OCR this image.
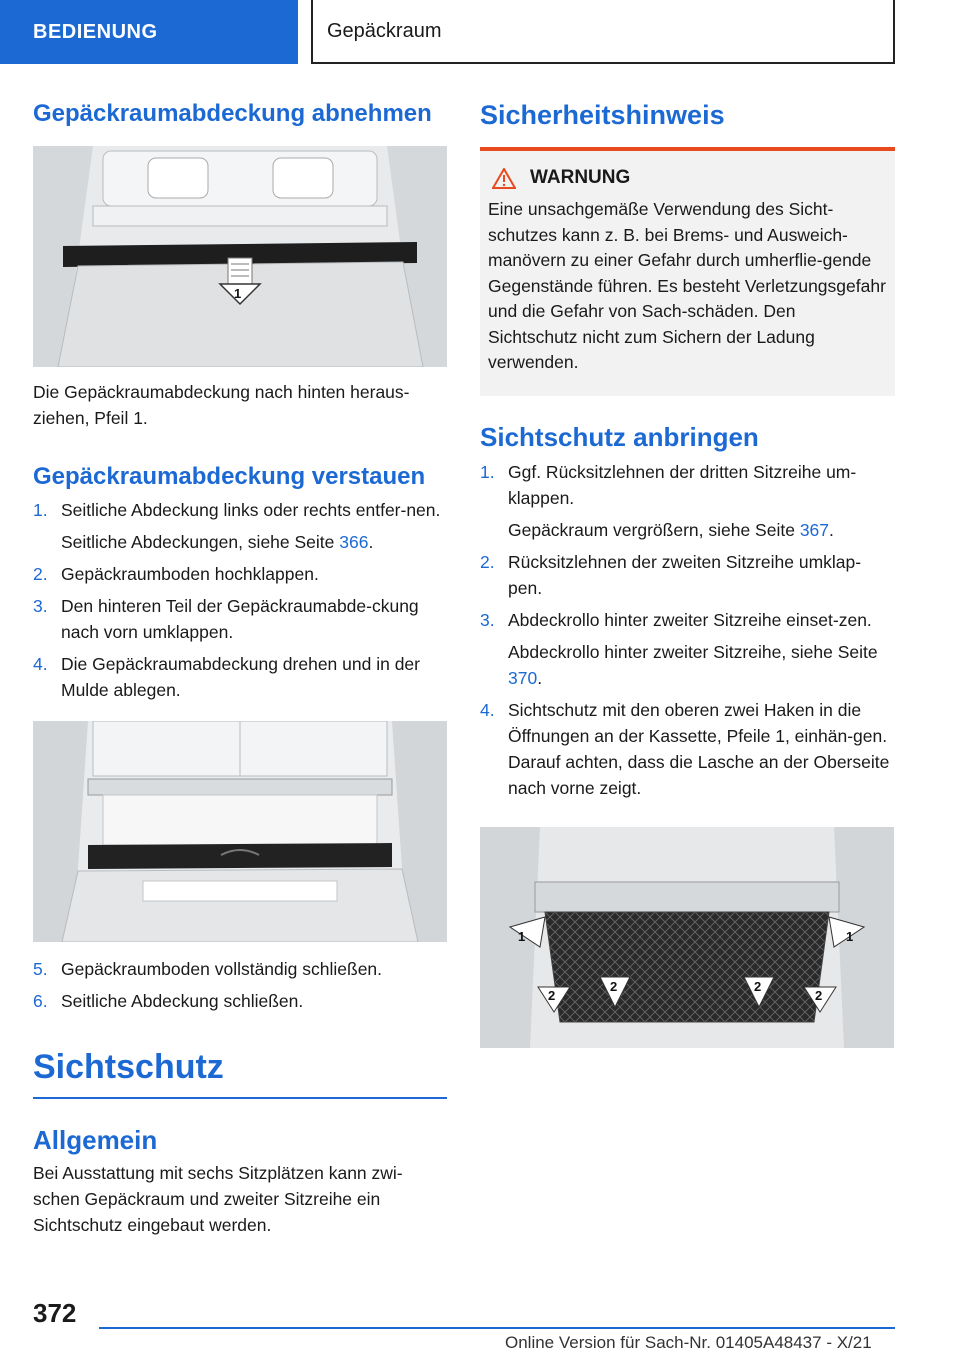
BEDIENUNG	Gepäckraum
Gepäckraumabdeckung abnehmen
1

Die Gepäckraumabdeckung nach hinten heraus-ziehen, Pfeil 1.

Gepäckraumabdeckung verstauen
1. Seitliche Abdeckung links oder rechts entfer-nen.
Seitliche Abdeckungen, siehe Seite 366.
2. Gepäckraumboden hochklappen.
3. Den hinteren Teil der Gepäckraumabde-ckung nach vorn umklappen.
4. Die Gepäckraumabdeckung drehen und in der Mulde ablegen.
5. Gepäckraumboden vollständig schließen.
6. Seitliche Abdeckung schließen.
Sichtschutz
Allgemein

Bei Ausstattung mit sechs Sitzplätzen kann zwi-schen Gepäckraum und zweiter Sitzreihe ein Sichtschutz eingebaut werden.

Sicherheitshinweis
WARNUNG

Eine unsachgemäße Verwendung des Sicht-schutzes kann z. B. bei Brems- und Ausweich-manövern zu einer Gefahr durch umherflie-gende Gegenstände führen. Es besteht Verletzungsgefahr und die Gefahr von Sach-schäden. Den Sichtschutz nicht zum Sichern der Ladung verwenden.

Sichtschutz anbringen
1. Ggf. Rücksitzlehnen der dritten Sitzreihe um-klappen.
Gepäckraum vergrößern, siehe Seite 367.
2. Rücksitzlehnen der zweiten Sitzreihe umklap-pen.
3. Abdeckrollo hinter zweiter Sitzreihe einset-zen.
Abdeckrollo hinter zweiter Sitzreihe, siehe Seite 370.
4. Sichtschutz mit den oberen zwei Haken in die Öffnungen an der Kassette, Pfeile 1, einhän-gen. Darauf achten, dass die Lasche an der Oberseite nach vorne zeigt.
1	1
2
2	2
2
372
Online Version für Sach-Nr. 01405A48437 - X/21
